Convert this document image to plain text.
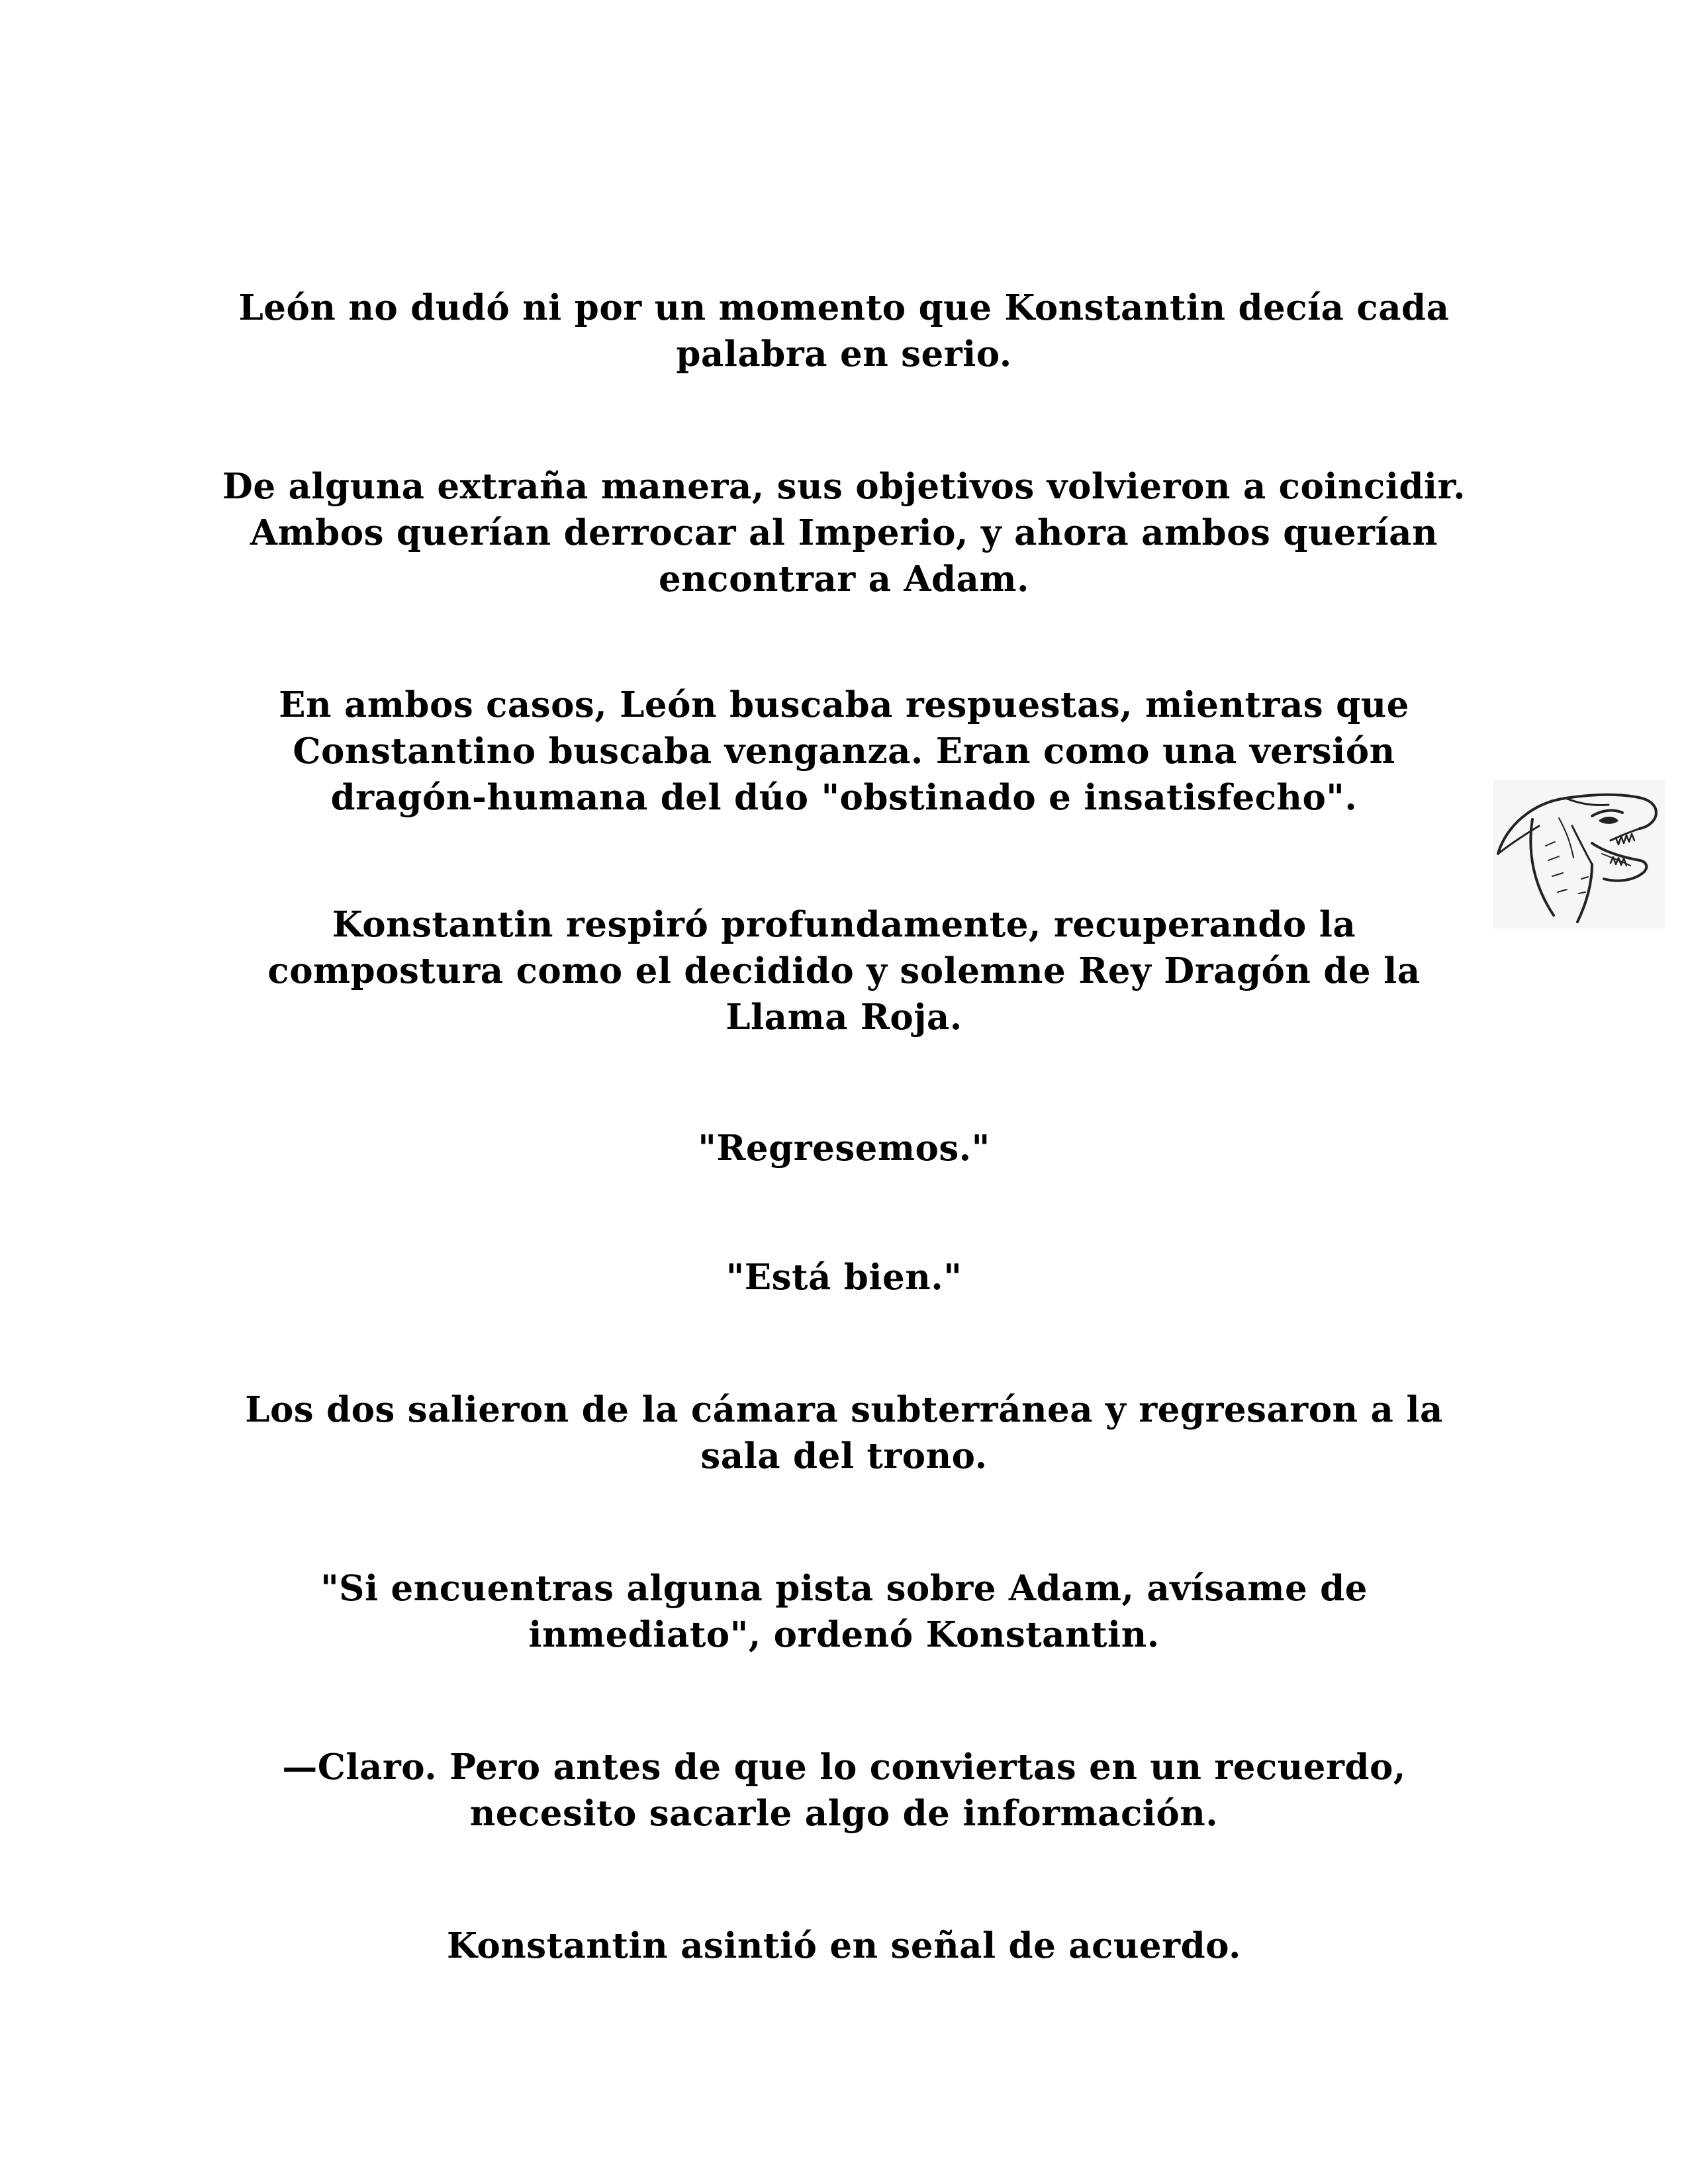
León no dudó ni por un momento que Konstantin decía cada
palabra en serio.

De alguna extraña manera, sus objetivos volvieron a coincidir.
Ambos querían derrocar al Imperio, y ahora ambos querían
encontrar a Adam.

En ambos casos, León buscaba respuestas, mientras que
Constantino buscaba venganza. Eran como una versión
dragón-humana del dúo "obstinado e insatisfecho".

Konstantin respiró profundamente, recuperando la
compostura como el decidido y solemne Rey Dragón de la
Llama Roja.

"Regresemos."

"Está bien."

Los dos salieron de la cámara subterránea y regresaron a la
sala del trono.

"Si encuentras alguna pista sobre Adam, avísame de
inmediato", ordenó Konstantin.

—Claro. Pero antes de que lo conviertas en un recuerdo,
necesito sacarle algo de información.

Konstantin asintió en señal de acuerdo.
